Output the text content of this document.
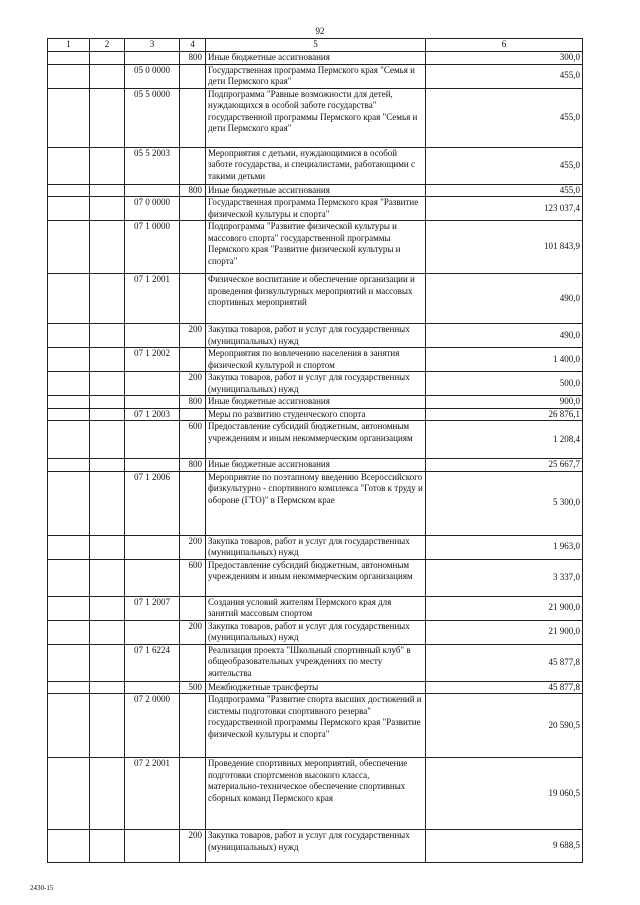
92
1	2	3	4	5	6
			800	Иные бюджетные ассигнования	300,0
		05 0 0000		Государственная программа Пермского края "Семья и дети Пермского края"	455,0
		05 5 0000		Подпрограмма "Равные возможности для детей, нуждающихся в особой заботе государства" государственной программы Пермского края "Семья и дети Пермского края"	455,0
		05 5 2003		Мероприятия с детьми, нуждающимися в особой заботе государства, и специалистами, работающими с такими детьми	455,0
			800	Иные бюджетные ассигнования	455,0
		07 0 0000		Государственная программа Пермского края "Развитие физической культуры и спорта"	123 037,4
		07 1 0000		Подпрограмма "Развитие физической культуры и массового спорта" государственной программы Пермского края "Развитие физической культуры и спорта"	101 843,9
		07 1 2001		Физическое воспитание и обеспечение организации и проведения физкультурных мероприятий и массовых спортивных мероприятий	490,0
			200	Закупка товаров, работ и услуг для государственных (муниципальных) нужд	490,0
		07 1 2002		Мероприятия по вовлечению населения в занятия физической культурой и спортом	1 400,0
			200	Закупка товаров, работ и услуг для государственных (муниципальных) нужд	500,0
			800	Иные бюджетные ассигнования	900,0
		07 1 2003		Меры по развитию студенческого спорта	26 876,1
			600	Предоставление субсидий бюджетным, автономным учреждениям и иным некоммерческим организациям	1 208,4
			800	Иные бюджетные ассигнования	25 667,7
		07 1 2006		Мероприятие по поэтапному введению Всероссийского физкультурно - спортивного комплекса "Готов к труду и обороне (ГТО)" в Пермском крае	5 300,0
			200	Закупка товаров, работ и услуг для государственных (муниципальных) нужд	1 963,0
			600	Предоставление субсидий бюджетным, автономным учреждениям и иным некоммерческим организациям	3 337,0
		07 1 2007		Создания условий жителям Пермского края для занятий массовым спортом	21 900,0
			200	Закупка товаров, работ и услуг для государственных (муниципальных) нужд	21 900,0
		07 1 6224		Реализация проекта "Школьный спортивный клуб" в общеобразовательных учреждениях по месту жительства	45 877,8
			500	Межбюджетные трансферты	45 877,8
		07 2 0000		Подпрограмма "Развитие спорта высших достижений и системы подготовки спортивного резерва" государственной программы Пермского края "Развитие физической культуры и спорта"	20 590,5
		07 2 2001		Проведение спортивных мероприятий, обеспечение подготовки спортсменов высокого класса, материально-техническое обеспечение спортивных сборных команд Пермского края	19 060,5
			200	Закупка товаров, работ и услуг для государственных (муниципальных) нужд	9 688,5
2430-15
